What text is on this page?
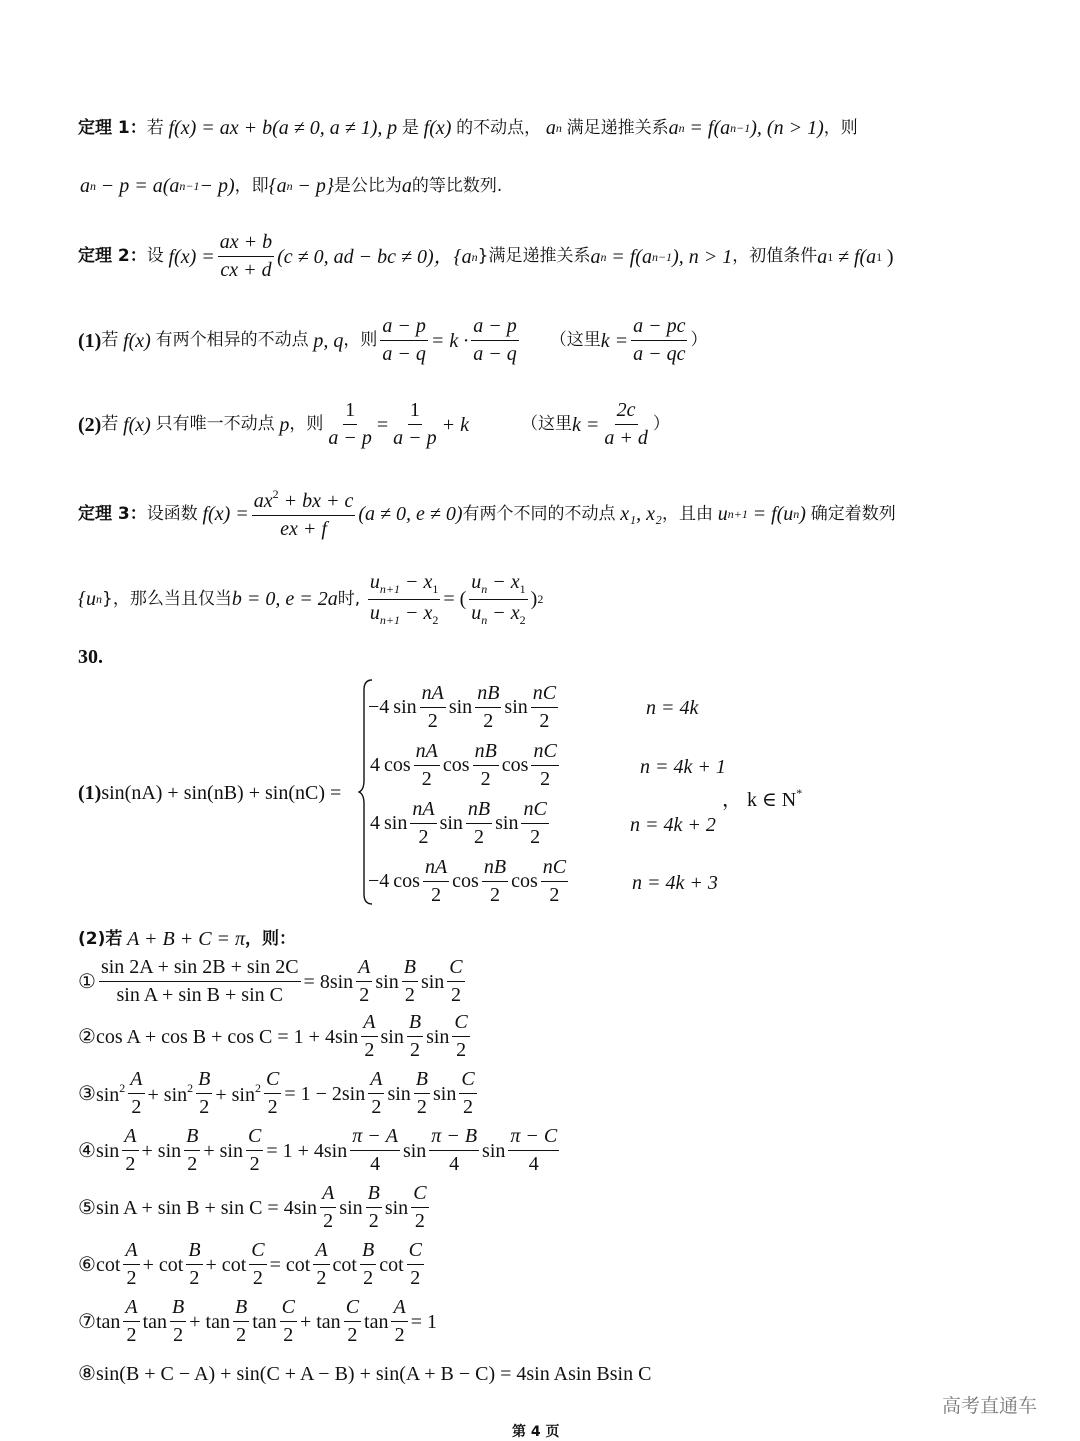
定理 1： 若
f(x) = ax + b(a ≠ 0, a ≠ 1),
p
是
f(x)
的不动点，
a n
满足递推关系 a n
= f(a n−1 ), (n > 1) ，则
a n
− p = a(a n−1 − p) ，即 {a n
− p} 是公比为 a 的等比数列.
定理 2： 设
$f(x) = \frac{ax + b}{cx + d} (c \ne 0$, ad − bc ≠ 0) ，{a n }满足递推关系 a n
= f(a n−1 ), n > 1 ，初值条件 a 1
≠ f(a 1
)
(1) 若
f(x)
有两个相异的不动点
p, q ，则 $\frac{a - p}{a - q} = k \cdot \frac{a - p}{a - q}$ （这里 $k = \frac{a - pc}{a - qc}$ ）
(2) 若
f(x)
只有唯一不动点
p ，则 $\frac{1}{a - p} = \frac{1}{a - p} + k$	（这里 $k = \frac{2c}{a + d}$ ）
定理 3： 设函数
$f(x) = \frac{ax^2 + bx + c}{ex + f} (a \ne 0$, e ≠ 0) 有两个不同的不动点
x₁, x₂ ，且由
u n+1
= f(u n )
确定着数列
{u n }，那么当且仅当 b = 0, e = 2a 时,
$\frac{u_{n+1} - x_1}{u_{n+1} - x_2}$ = ( $\frac{u_n - x_1}{u_n - x_2}$ ) 2
30.
(1) sin(nA) + sin(nB) + sin(nC) =
−4 $\sin \frac{nA}{2}$ $\sin \frac{nB}{2}$ $\sin \frac{nC}{2}$	n = 4k
4 $\cos \frac{nA}{2}$ $\cos \frac{nB}{2}$ $\cos \frac{nC}{2}$	n = 4k + 1
4 $\sin \frac{nA}{2}$ $\sin \frac{nB}{2}$ $\sin \frac{nC}{2}$	n = 4k + 2
−4 $\cos \frac{nA}{2}$ $\cos \frac{nB}{2}$ $\cos \frac{nC}{2}$	n = 4k + 3
， k ∈ N*
(2)若
A + B + C = π ，则：
① $\frac{\sin 2A + \sin 2B + \sin 2C}{\text{sin A + sin B + sin C}} = 8\sin \frac{A}{2}$ $\sin \frac{B}{2}$ $\sin \frac{C}{2}$
② $\cos A + \cos B + \cos C = 1 + 4\sin \frac{A}{2}$ $\sin \frac{B}{2}$ $\sin \frac{C}{2}$
③ $\sin^2 \frac{A}{2} + \sin^2 \frac{B}{2} + \sin^2 \frac{C}{2} = 1 - 2\sin \frac{A}{2}$ $\sin \frac{B}{2}$ $\sin \frac{C}{2}$
④ $\sin \frac{A}{2} + \sin \frac{B}{2} + \sin \frac{C}{2} = 1 + 4\sin \frac{\pi - A}{4}$ $\sin \frac{\pi - B}{4}$ $\sin \frac{\pi - C}{4}$
⑤ $\sin A + \sin B + \sin C = 4\sin \frac{A}{2}$ $\sin \frac{B}{2}$ $\sin \frac{C}{2}$
⑥ $\cot \frac{A}{2} + \cot \frac{B}{2} + \cot \frac{C}{2} = \cot \frac{A}{2}$ $\cot \frac{B}{2}$ $\cot \frac{C}{2}$
⑦ $\tan \frac{A}{2}$ $\tan \frac{B}{2} + \tan \frac{B}{2}$ $\tan \frac{C}{2} + \tan \frac{C}{2}$ $\tan \frac{A}{2} = 1$
⑧ sin(B + C − A) + sin(C + A − B) + sin(A + B − C) = 4sin Asin Bsin C
高考直通车
第 4 页
